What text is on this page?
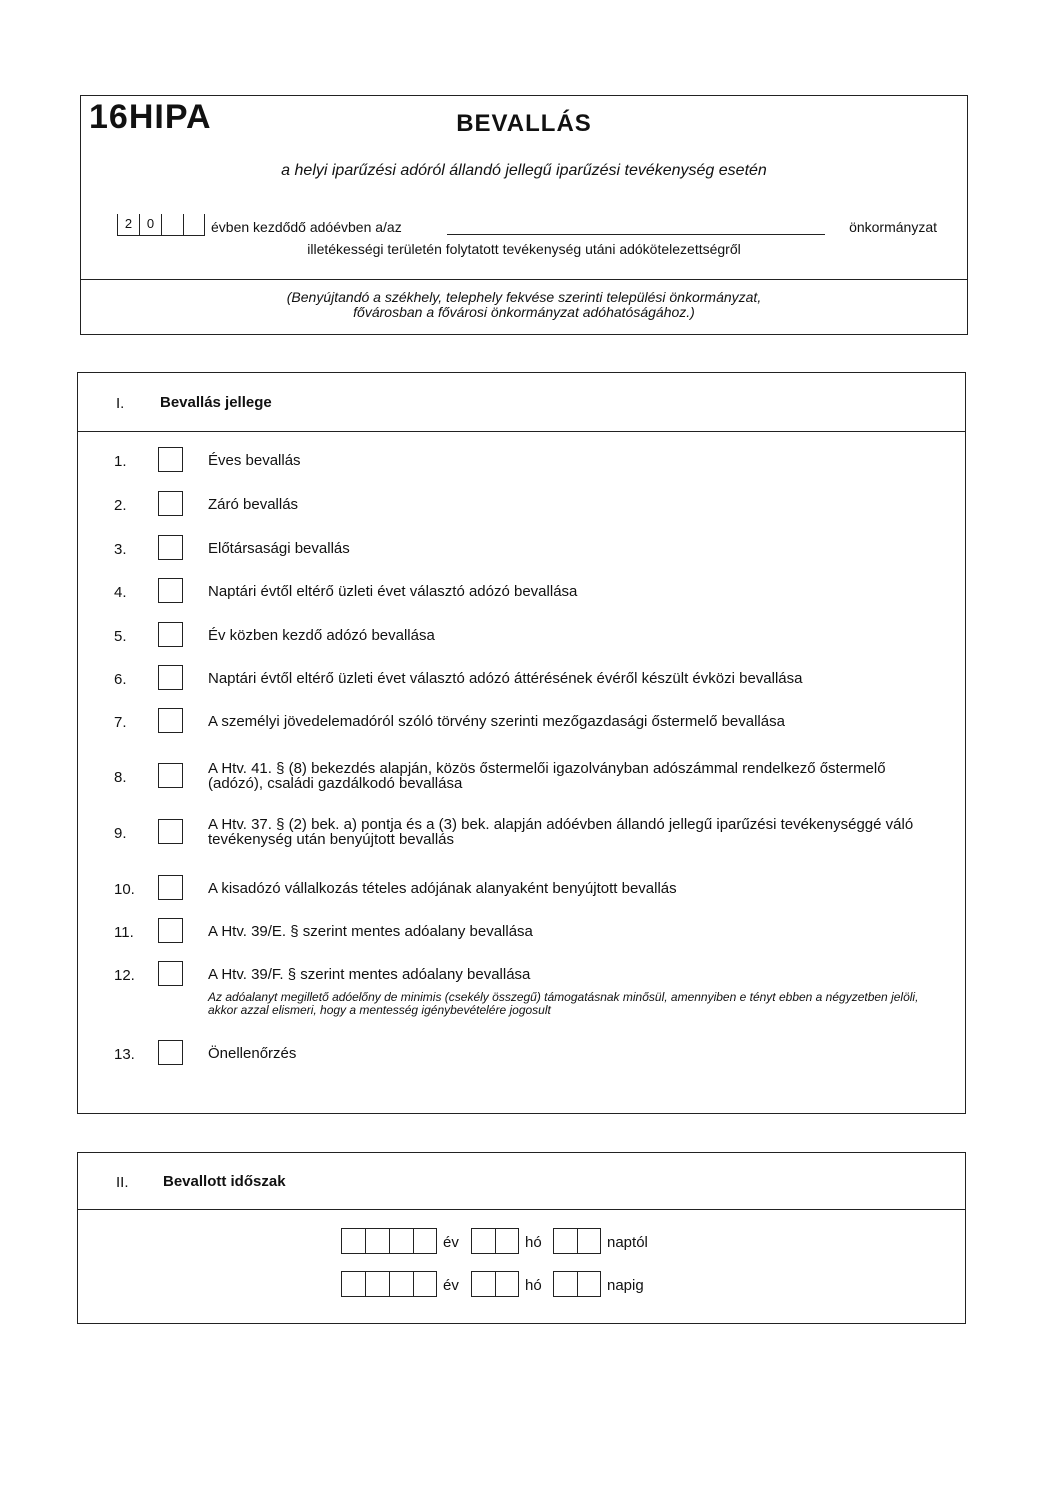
16HIPA	BEVALLÁS
a helyi iparűzési adóról állandó jellegű iparűzési tevékenység esetén
2	0	évben kezdődő adóévben a/az	önkormányzat
illetékességi területén folytatott tevékenység utáni adókötelezettségről
(Benyújtandó a székhely, telephely fekvése szerinti települési önkormányzat,
fővárosban a fővárosi önkormányzat adóhatóságához.)
I. Bevallás jellege
1.	Éves bevallás
2.	Záró bevallás
3.	Előtársasági bevallás
4.	Naptári évtől eltérő üzleti évet választó adózó bevallása
5.	Év közben kezdő adózó bevallása
6.	Naptári évtől eltérő üzleti évet választó adózó áttérésének évéről készült évközi bevallása
7.	A személyi jövedelemadóról szóló törvény szerinti mezőgazdasági őstermelő bevallása
8.
A Htv. 41. § (8) bekezdés alapján, közös őstermelői igazolványban adószámmal rendelkező őstermelő (adózó), családi gazdálkodó bevallása
9.
A Htv. 37. § (2) bek. a) pontja és a (3) bek. alapján adóévben állandó jellegű iparűzési tevékenységgé váló tevékenység után benyújtott bevallás
10.	A kisadózó vállalkozás tételes adójának alanyaként benyújtott bevallás
11.	A Htv. 39/E. § szerint mentes adóalany bevallása
12.	A Htv. 39/F. § szerint mentes adóalany bevallása
Az adóalanyt megillető adóelőny de minimis (csekély összegű) támogatásnak minősül, amennyiben e tényt ebben a négyzetben jelöli, akkor azzal elismeri, hogy a mentesség igénybevételére jogosult
13.	Önellenőrzés
II. Bevallott időszak
év	hó	naptól
év	hó	napig
